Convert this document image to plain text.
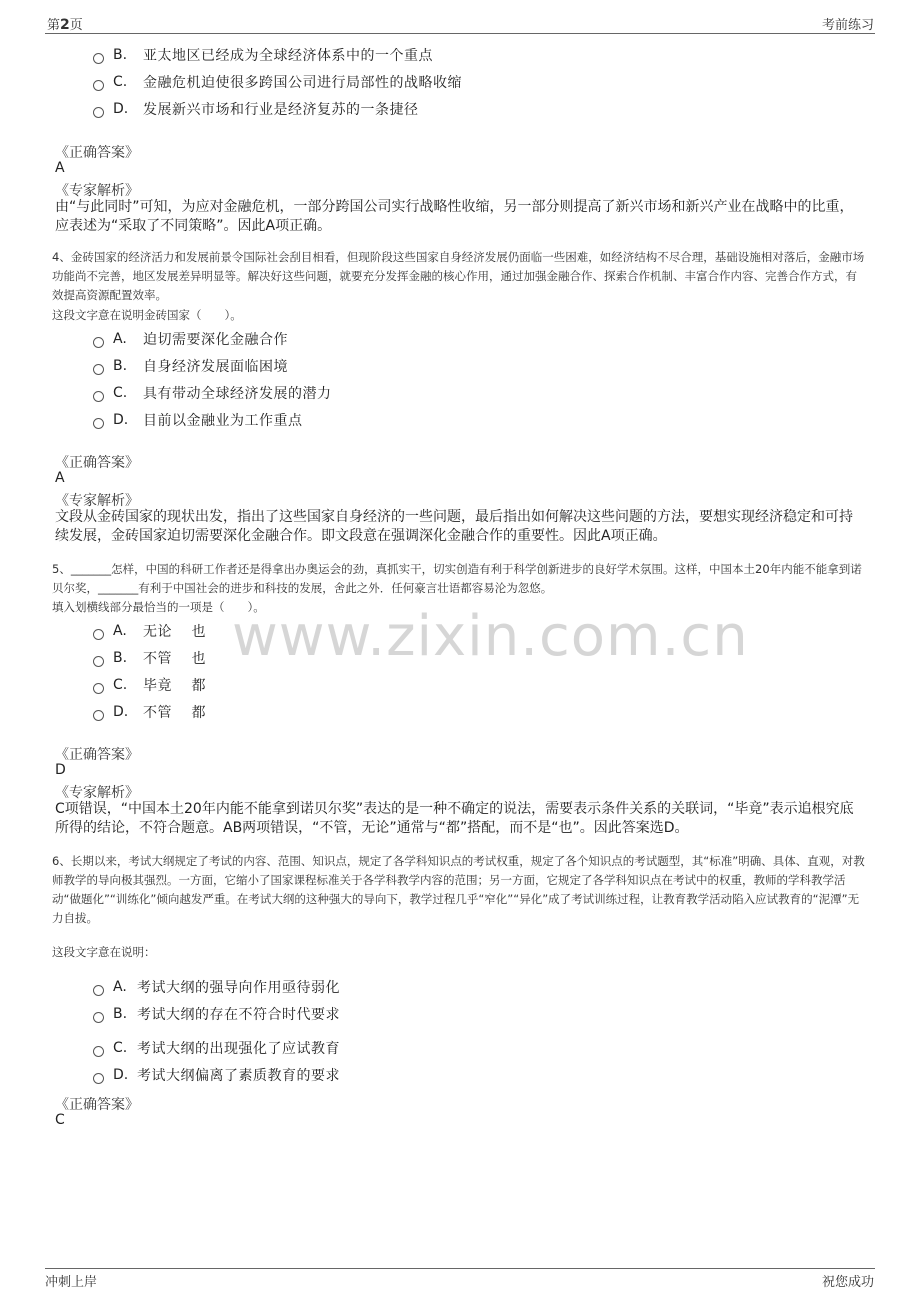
第2页	考前练习
www.zixin.com.cn
B.	亚太地区已经成为全球经济体系中的一个重点
C.	金融危机迫使很多跨国公司进行局部性的战略收缩
D.	发展新兴市场和行业是经济复苏的一条捷径
《正确答案》
A
《专家解析》
由“与此同时”可知，为应对金融危机，一部分跨国公司实行战略性收缩，另一部分则提高了新兴市场和新兴产业在战略中的比重，应表述为“采取了不同策略”。因此A项正确。
4、金砖国家的经济活力和发展前景令国际社会刮目相看，但现阶段这些国家自身经济发展仍面临一些困难，如经济结构不尽合理，基础设施相对落后，金融市场功能尚不完善，地区发展差异明显等。解决好这些问题，就要充分发挥金融的核心作用，通过加强金融合作、探索合作机制、丰富合作内容、完善合作方式，有效提高资源配置效率。
这段文字意在说明金砖国家（　　）。
A.	迫切需要深化金融合作
B.	自身经济发展面临困境
C.	具有带动全球经济发展的潜力
D.	目前以金融业为工作重点
《正确答案》
A
《专家解析》
文段从金砖国家的现状出发，指出了这些国家自身经济的一些问题，最后指出如何解决这些问题的方法，要想实现经济稳定和可持续发展，金砖国家迫切需要深化金融合作。即文段意在强调深化金融合作的重要性。因此A项正确。
5、_______怎样，中国的科研工作者还是得拿出办奥运会的劲，真抓实干，切实创造有利于科学创新进步的良好学术氛围。这样，中国本土20年内能不能拿到诺贝尔奖，_______有利于中国社会的进步和科技的发展，舍此之外．任何豪言壮语都容易沦为忽悠。
填入划横线部分最恰当的一项是（　　）。
A.	无论　 也
B.	不管　 也
C.	毕竟　 都
D.	不管　 都
《正确答案》
D
《专家解析》
C项错误，“中国本土20年内能不能拿到诺贝尔奖”表达的是一种不确定的说法，需要表示条件关系的关联词，“毕竟”表示追根究底所得的结论，不符合题意。AB两项错误，“不管，无论”通常与“都”搭配，而不是“也”。因此答案选D。
6、长期以来，考试大纲规定了考试的内容、范围、知识点，规定了各学科知识点的考试权重，规定了各个知识点的考试题型，其“标准”明确、具体、直观，对教师教学的导向极其强烈。一方面，它缩小了国家课程标准关于各学科教学内容的范围；另一方面，它规定了各学科知识点在考试中的权重，教师的学科教学活动“做题化”“训练化”倾向越发严重。在考试大纲的这种强大的导向下，教学过程几乎“窄化”“异化”成了考试训练过程，让教育教学活动陷入应试教育的“泥潭”无力自拔。
这段文字意在说明：
A. 考试大纲的强导向作用亟待弱化
B. 考试大纲的存在不符合时代要求
C. 考试大纲的出现强化了应试教育
D. 考试大纲偏离了素质教育的要求
《正确答案》
C
冲刺上岸	祝您成功
